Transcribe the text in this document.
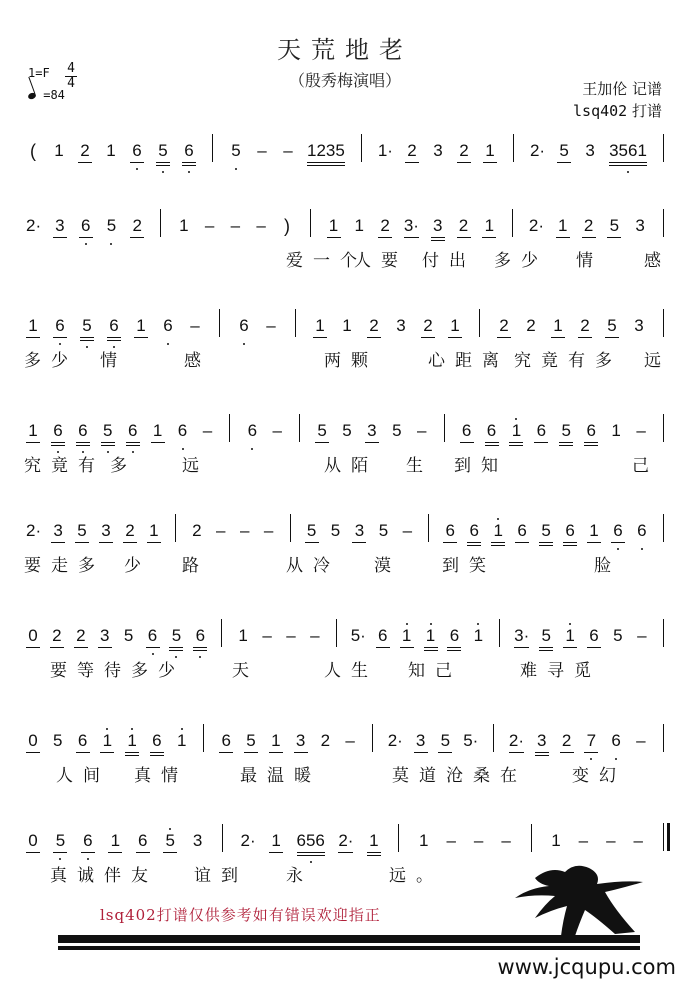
天荒地老
（殷秀梅演唱）
1=F 4
4
=84	王加伦 记谱
lsq402 打谱
(	1 2 1 6 5 6 5 – – 1235 1· 2 3 2 1 2· 5 3 3561
2· 3 6 5 2 1 – – –	)	1 1 2 3· 3 2 1 2· 1 2 5 3
爱一个
人要 付出 多少 情 感
1 6 5 6 1 6 – 6 – 1 1 2 3 2 1 2 2 1 2 5 3
多少 情	感	两颗	心距离 究竟有多 远
1 6 6 5 6 1 6 – 6 – 5 5 3 5 – 6 6 1 6 5 6 1 –
究竟有 多	远	从陌 生 到知	己
2· 3 5 3 2 1 2 – – – 5 5 3 5 – 6 6 1 6 5 6 1 6 6
要走多 少 路	从冷 漠 到笑	脸
0 2 2 3 5 6 5 6 1 – – – 5· 6 1 1 6 1 3· 5 1 6 5 –
要等待多少	天	人生 知己	难寻觅
0 5 6 1 1 6 1 6 5 1 3 2 – 2· 3 5 5· 2· 3 2 7 6 –
人间 真情	最温暖	莫道沧桑在	变幻
0 5 6 1 6 5 3 2· 1 656 2· 1 1 – – – 1 – – –
真诚伴友 谊到 永	远。
lsq402打谱仅供参考如有错误欢迎指正
www.jcqupu.com
